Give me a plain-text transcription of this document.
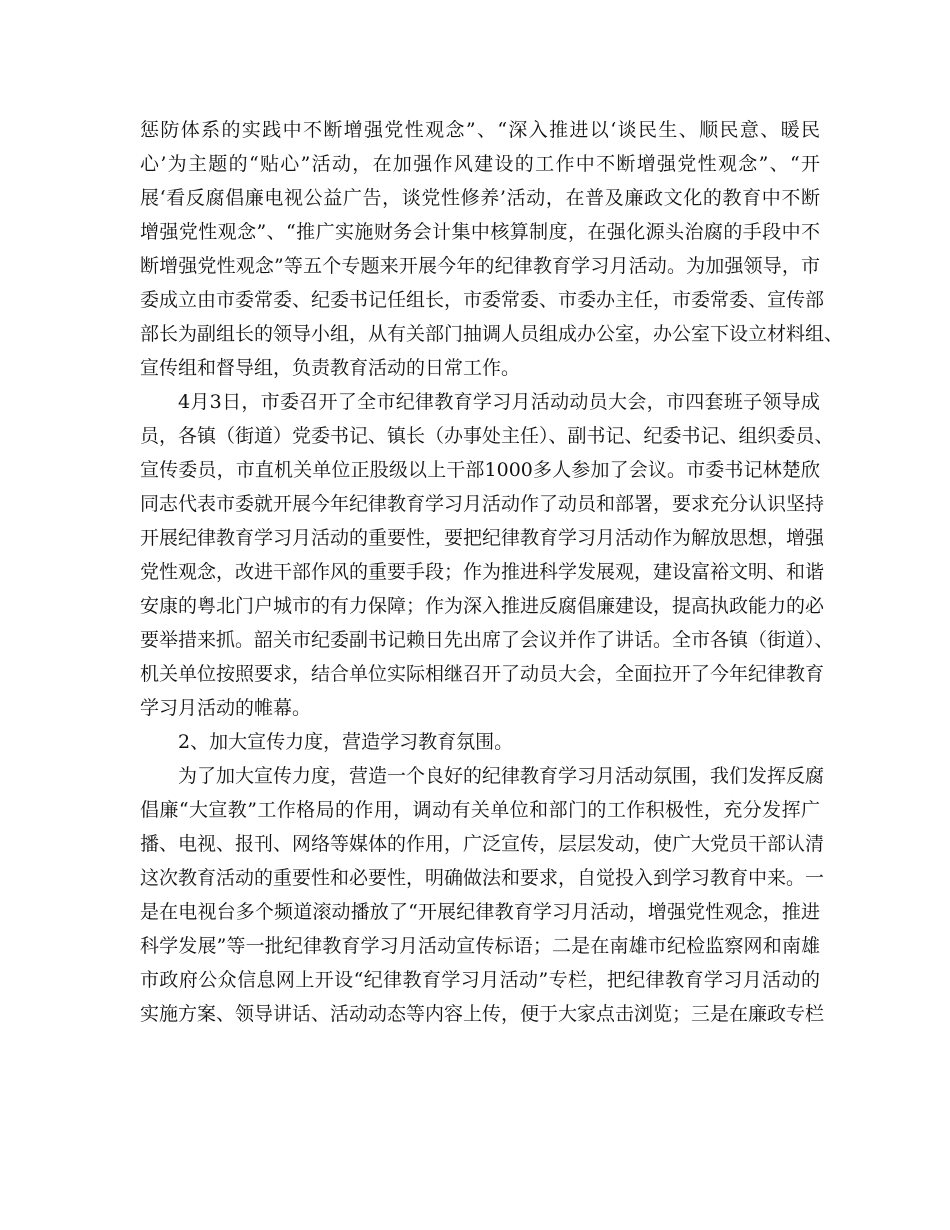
惩防体系的实践中不断增强党性观念”、“深入推进以‘谈民生、顺民意、暖民
心’为主题的“贴心”活动，在加强作风建设的工作中不断增强党性观念”、“开
展‘看反腐倡廉电视公益广告，谈党性修养’活动，在普及廉政文化的教育中不断
增强党性观念”、“推广实施财务会计集中核算制度，在强化源头治腐的手段中不
断增强党性观念”等五个专题来开展今年的纪律教育学习月活动。为加强领导，市
委成立由市委常委、纪委书记任组长，市委常委、市委办主任，市委常委、宣传部
部长为副组长的领导小组，从有关部门抽调人员组成办公室，办公室下设立材料组、
宣传组和督导组，负责教育活动的日常工作。
4月3日，市委召开了全市纪律教育学习月活动动员大会，市四套班子领导成
员，各镇（街道）党委书记、镇长（办事处主任）、副书记、纪委书记、组织委员、
宣传委员，市直机关单位正股级以上干部1000多人参加了会议。市委书记林楚欣
同志代表市委就开展今年纪律教育学习月活动作了动员和部署，要求充分认识坚持
开展纪律教育学习月活动的重要性，要把纪律教育学习月活动作为解放思想，增强
党性观念，改进干部作风的重要手段；作为推进科学发展观，建设富裕文明、和谐
安康的粤北门户城市的有力保障；作为深入推进反腐倡廉建设，提高执政能力的必
要举措来抓。韶关市纪委副书记赖日先出席了会议并作了讲话。全市各镇（街道）、
机关单位按照要求，结合单位实际相继召开了动员大会，全面拉开了今年纪律教育
学习月活动的帷幕。
2、加大宣传力度，营造学习教育氛围。
为了加大宣传力度，营造一个良好的纪律教育学习月活动氛围，我们发挥反腐
倡廉“大宣教”工作格局的作用，调动有关单位和部门的工作积极性，充分发挥广
播、电视、报刊、网络等媒体的作用，广泛宣传，层层发动，使广大党员干部认清
这次教育活动的重要性和必要性，明确做法和要求，自觉投入到学习教育中来。一
是在电视台多个频道滚动播放了“开展纪律教育学习月活动，增强党性观念，推进
科学发展”等一批纪律教育学习月活动宣传标语；二是在南雄市纪检监察网和南雄
市政府公众信息网上开设“纪律教育学习月活动”专栏，把纪律教育学习月活动的
实施方案、领导讲话、活动动态等内容上传，便于大家点击浏览；三是在廉政专栏
